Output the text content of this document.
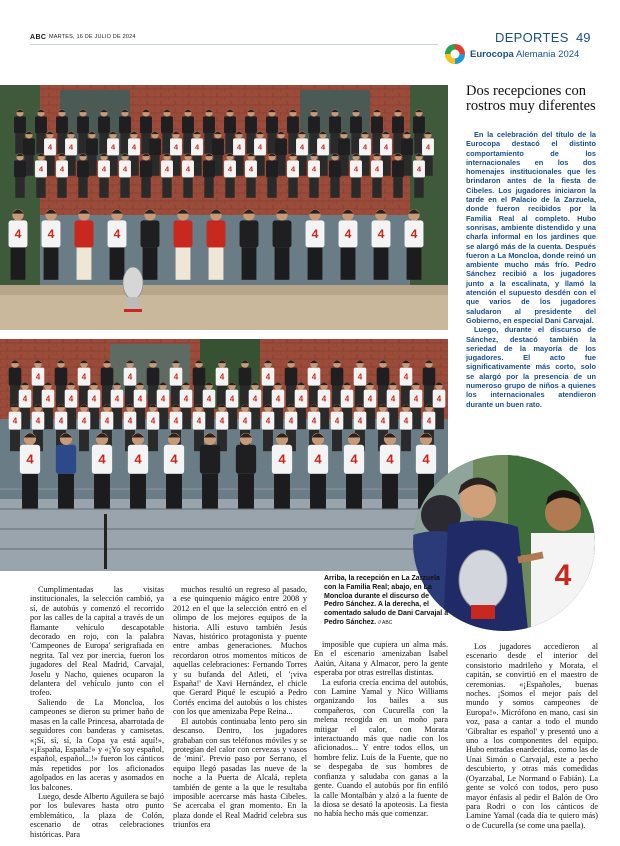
ABC MARTES, 16 DE JULIO DE 2024	DEPORTES 49
Eurocopa Alemania 2024
4 4	4 4	4 4	4 4	4 4	4 4	4
4 4	4 4	4 4	4 4	4 4	4 4	4
4 4	4	4 4 4 4
4	4	4	4	4	4	4	4	4
4 4 4 4 4 4 4 4 4 4 4 4 4 4 4 4 4 4 4
4 4 4 4 4 4 4 4 4 4 4 4 4 4 4 4 4 4 4
4	4 4 4	4 4 4 4 4
4
Dos recepciones con rostros muy diferentes

En la celebración del título de la Eurocopa destacó el distinto comportamiento de los internacionales en los dos homenajes institucionales que les brindaron antes de la fiesta de Cibeles. Los jugadores iniciaron la tarde en el Palacio de la Zarzuela, donde fueron recibidos por la Familia Real al completo. Hubo sonrisas, ambiente distendido y una charla informal en los jardines que se alargó más de la cuenta. Después fueron a La Moncloa, donde reinó un ambiente mucho más frío. Pedro Sánchez recibió a los jugadores junto a la escalinata, y llamó la atención el supuesto desdén con el que varios de los jugadores saludaron al presidente del Gobierno, en especial Dani Carvajal.

Luego, durante el discurso de Sánchez, destacó también la seriedad de la mayoría de los jugadores. El acto fue significativamente más corto, solo se alargó por la presencia de un numeroso grupo de niños a quienes los internacionales atendieron durante un buen rato.

Arriba, la recepción en La Zarzuela con la Familia Real; abajo, en La Moncloa durante el discurso de Pedro Sánchez. A la derecha, el comentado saludo de Dani Carvajal a Pedro Sánchez. // ABC

Cumplimentadas las visitas institucionales, la selección cambió, ya sí, de autobús y comenzó el recorrido por las calles de la capital a través de un flamante vehículo descapotable decorado en rojo, con la palabra 'Campeones de Europa' serigrafiada en negrita. Tal vez por inercia, fueron los jugadores del Real Madrid, Carvajal, Joselu y Nacho, quienes ocuparon la delantera del vehículo junto con el trofeo.

Saliendo de La Moncloa, los campeones se dieron su primer baño de masas en la calle Princesa, abarrotada de seguidores con banderas y camisetas. «¡Sí, sí, sí, la Copa ya está aquí!», «¡España, España!» y «¡Yo soy español, español, español...!» fueron los cánticos más repetidos por los aficionados agolpados en las aceras y asomados en los balcones.

Luego, desde Alberto Aguilera se bajó por los bulevares hasta otro punto emblemático, la plaza de Colón, escenario de otras celebraciones históricas. Para

muchos resultó un regreso al pasado, a ese quinquenio mágico entre 2008 y 2012 en el que la selección entró en el olimpo de los mejores equipos de la historia. Allí estuvo también Jesús Navas, histórico protagonista y puente entre ambas generaciones. Muchos recordaron otros momentos míticos de aquellas celebraciones: Fernando Torres y su bufanda del Atleti, el '¡viva España!' de Xavi Hernández, el chicle que Gerard Piqué le escupió a Pedro Cortés encima del autobús o los chistes con los que amenizaba Pepe Reina...

El autobús continuaba lento pero sin descanso. Dentro, los jugadores grababan con sus teléfonos móviles y se protegían del calor con cervezas y vasos de 'mini'. Previo paso por Serrano, el equipo llegó pasadas las nueve de la noche a la Puerta de Alcalá, repleta también de gente a la que le resultaba imposible acercarse más hasta Cibeles. Se acercaba el gran momento. En la plaza donde el Real Madrid celebra sus triunfos era

imposible que cupiera un alma más. En el escenario amenizaban Isabel Aaiún, Aitana y Almacor, pero la gente esperaba por otras estrellas distintas.

La euforia crecía encima del autobús, con Lamine Yamal y Nico Williams organizando los bailes a sus compañeros, con Cucurella con la melena recogida en un moño para mitigar el calor, con Morata interactuando más que nadie con los aficionados... Y entre todos ellos, un hombre feliz. Luis de la Fuente, que no se despegaba de sus hombres de confianza y saludaba con ganas a la gente. Cuando el autobús por fin enfiló la calle Montalbán y alzó a la fuente de la diosa se desató la apoteosis. La fiesta no había hecho más que comenzar.

Los jugadores accedieron al escenario desde el interior del consistorio madrileño y Morata, el capitán, se convirtió en el maestro de ceremonias. «¡Españoles, buenas noches. ¡Somos el mejor país del mundo y somos campeones de Europa!». Micrófono en mano, casi sin voz, pasa a cantar a todo el mundo 'Gibraltar es español' y presentó uno a uno a los componentes del equipo. Hubo entradas enardecidas, como las de Unai Simón o Carvajal, este a pecho descubierto, y otras más comedidas (Oyarzabal, Le Normand o Fabián). La gente se volcó con todos, pero puso mayor énfasis al pedir el Balón de Oro para Rodri o con los cánticos de Lamine Yamal (cada día te quiero más) o de Cucurella (se come una paella).
